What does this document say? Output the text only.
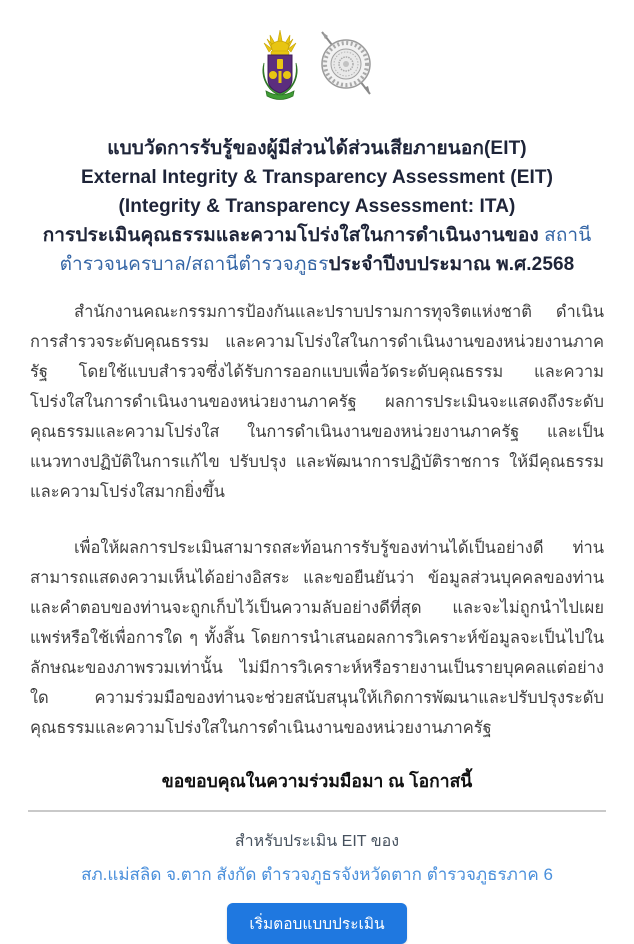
แบบวัดการรับรู้ของผู้มีส่วนได้ส่วนเสียภายนอก(EIT)
External Integrity & Transparency Assessment (EIT)
(Integrity & Transparency Assessment: ITA)
การประเมินคุณธรรมและความโปร่งใสในการดำเนินงานของ สถานีตำรวจนครบาล/สถานีตำรวจภูธรประจำปีงบประมาณ พ.ศ.2568

สำนักงานคณะกรรมการป้องกันและปราบปรามการทุจริตแห่งชาติ ดำเนินการสำรวจระดับคุณธรรม และความโปร่งใสในการดำเนินงานของหน่วยงานภาครัฐ โดยใช้แบบสำรวจซึ่งได้รับการออกแบบเพื่อวัดระดับคุณธรรม และความโปร่งใสในการดำเนินงานของหน่วยงานภาครัฐ ผลการประเมินจะแสดงถึงระดับคุณธรรมและความโปร่งใส ในการดำเนินงานของหน่วยงานภาครัฐ และเป็นแนวทางปฏิบัติในการแก้ไข ปรับปรุง และพัฒนาการปฏิบัติราชการ ให้มีคุณธรรมและความโปร่งใสมากยิ่งขึ้น

เพื่อให้ผลการประเมินสามารถสะท้อนการรับรู้ของท่านได้เป็นอย่างดี ท่านสามารถแสดงความเห็นได้อย่างอิสระ และขอยืนยันว่า ข้อมูลส่วนบุคคลของท่านและคำตอบของท่านจะถูกเก็บไว้เป็นความลับอย่างดีที่สุด และจะไม่ถูกนำไปเผยแพร่หรือใช้เพื่อการใด ๆ ทั้งสิ้น โดยการนำเสนอผลการวิเคราะห์ข้อมูลจะเป็นไปในลักษณะของภาพรวมเท่านั้น ไม่มีการวิเคราะห์หรือรายงานเป็นรายบุคคลแต่อย่างใด ความร่วมมือของท่านจะช่วยสนับสนุนให้เกิดการพัฒนาและปรับปรุงระดับคุณธรรมและความโปร่งใสในการดำเนินงานของหน่วยงานภาครัฐ

ขอขอบคุณในความร่วมมือมา ณ โอกาสนี้
สำหรับประเมิน EIT ของ
สภ.แม่สลิด จ.ตาก สังกัด ตำรวจภูธรจังหวัดตาก ตำรวจภูธรภาค 6
เริ่มตอบแบบประเมิน
